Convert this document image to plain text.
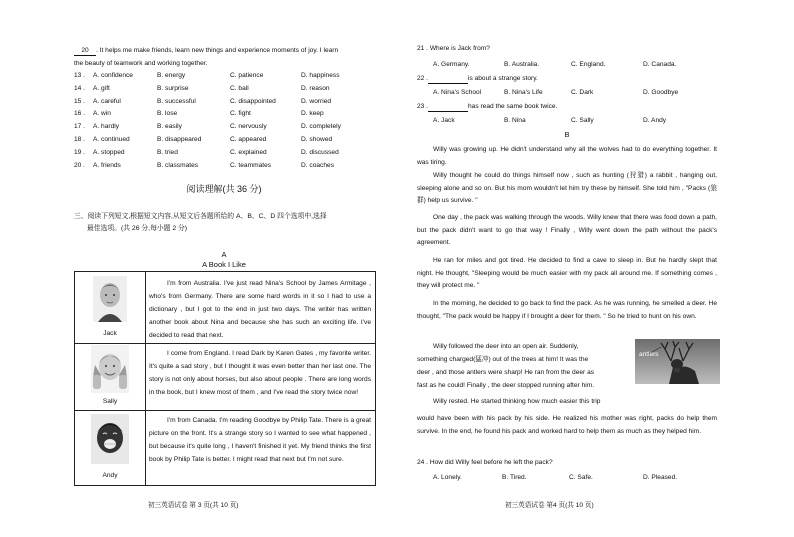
20 . It helps me make friends, learn new things and experience moments of joy. I learn
the beauty of teamwork and working together.
13 . A. confidence	B. energy	C. patience	D. happiness
14 . A. gift	B. surprise	C. ball	D. reason
15 . A. careful	B. successful	C. disappointed	D. worried
16 . A. win	B. lose	C. fight	D. keep
17 . A. hardly	B. easily	C. nervously	D. completely
18 . A. continued	B. disappeared	C. appeared	D. showed
19 . A. stopped	B. tried	C. explained	D. discussed
20 . A. friends	B. classmates	C. teammates	D. coaches
阅读理解(共 36 分)
三、阅读下列短文,根据短文内容,从短文后各题所给的 A、B、C、D 四个选项中,选择
最佳选项。(共 26 分,每小题 2 分)
A
A Book I Like
Jack
I'm from Australia. I've just read Nina's School by James Armitage , who's from Germany. There are some hard words in it so I had to use a dictionary , but I got to the end in just two days. The writer has written another book about Nina and because she has such an exciting life. I've decided to read that next.
Sally
I come from England. I read Dark by Karen Gates , my favorite writer. It's quite a sad story , but I thought it was even better than her last one. The story is not only about horses, but also about people . There are long words in the book, but I knew most of them , and I've read the story twice now!
Andy
I'm from Canada. I'm reading Goodbye by Philip Tate. There is a great picture on the front. It's a strange story so I wanted to see what happened , but because it's quite long , I haven't finished it yet. My friend thinks the first book by Philip Tate is better. I might read that next but I'm not sure.
初三英语试卷 第 3 页(共 10 页)
21 . Where is Jack from?
A. Germany.	B. Australia.	C. England.	D. Canada.
22 .	is about a strange story.
A. Nina's School	B. Nina's Life	C. Dark	D. Goodbye
23 .	has read the same book twice.
A. Jack	B. Nina	C. Sally	D. Andy
B
Willy was growing up. He didn't understand why all the wolves had to do everything together. It was tiring.
Willy thought he could do things himself now , such as hunting (狩猎) a rabbit , hanging out, sleeping alone and so on. But his mom wouldn't let him try these by himself. She told him , "Packs (狼群) help us survive. "
One day , the pack was walking through the woods. Willy knew that there was food down a path, but the pack didn't want to go that way ! Finally , Willy went down the path without the pack's agreement.
He ran for miles and got tired. He decided to find a cave to sleep in. But he hardly slept that night. He thought, "Sleeping would be much easier with my pack all around me. If something comes , they will protect me. "
In the morning, he decided to go back to find the pack. As he was running, he smelled a deer. He thought, "The pack would be happy if I brought a deer for them. " So he tried to hunt on his own.
Willy followed the deer into an open air. Suddenly,
something charged(猛冲) out of the trees at him! It was the
deer , and those antlers were sharp! He ran from the deer as
fast as he could! Finally , the deer stopped running after him.
Willy rested. He started thinking how much easier this trip
would have been with his pack by his side. He realized his mother was right, packs do help them survive. In the end, he found his pack and worked hard to help them as much as they helped him.
24 . How did Willy feel before he left the pack?
A. Lonely.	B. Tired.	C. Safe.	D. Pleased.
初三英语试卷 第4 页(共 10 页)
antlers
